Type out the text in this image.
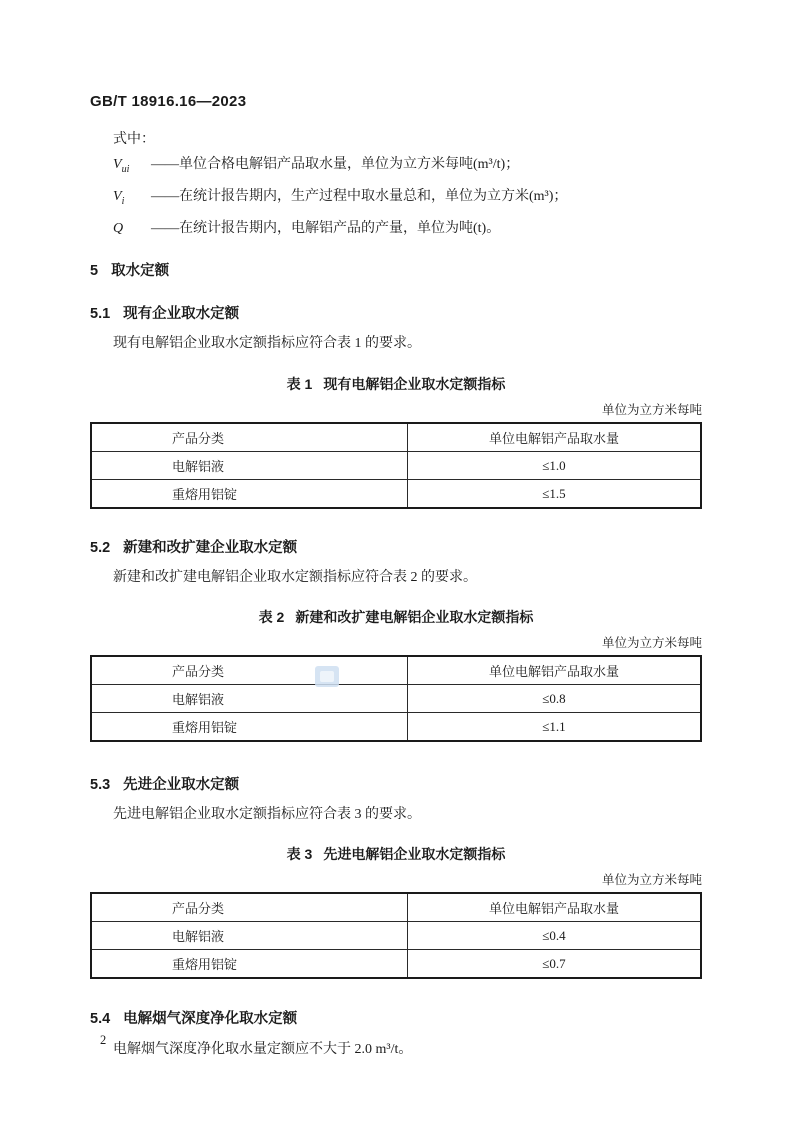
GB/T 18916.16—2023
式中：
$V_{ui}$ ——单位合格电解铝产品取水量，单位为立方米每吨(m³/t)；
$V_i$ ——在统计报告期内，生产过程中取水量总和，单位为立方米(m³)；
Q ——在统计报告期内，电解铝产品的产量，单位为吨(t)。
5 取水定额
5.1 现有企业取水定额
现有电解铝企业取水定额指标应符合表 1 的要求。
表 1 现有电解铝企业取水定额指标
单位为立方米每吨
产品分类	单位电解铝产品取水量
电解铝液	≤1.0
重熔用铝锭	≤1.5
5.2 新建和改扩建企业取水定额
新建和改扩建电解铝企业取水定额指标应符合表 2 的要求。
表 2 新建和改扩建电解铝企业取水定额指标
单位为立方米每吨
产品分类	单位电解铝产品取水量
电解铝液	≤0.8
重熔用铝锭	≤1.1
5.3 先进企业取水定额
先进电解铝企业取水定额指标应符合表 3 的要求。
表 3 先进电解铝企业取水定额指标
单位为立方米每吨
产品分类	单位电解铝产品取水量
电解铝液	≤0.4
重熔用铝锭	≤0.7
5.4 电解烟气深度净化取水定额
电解烟气深度净化取水量定额应不大于 2.0 m³/t。
2
